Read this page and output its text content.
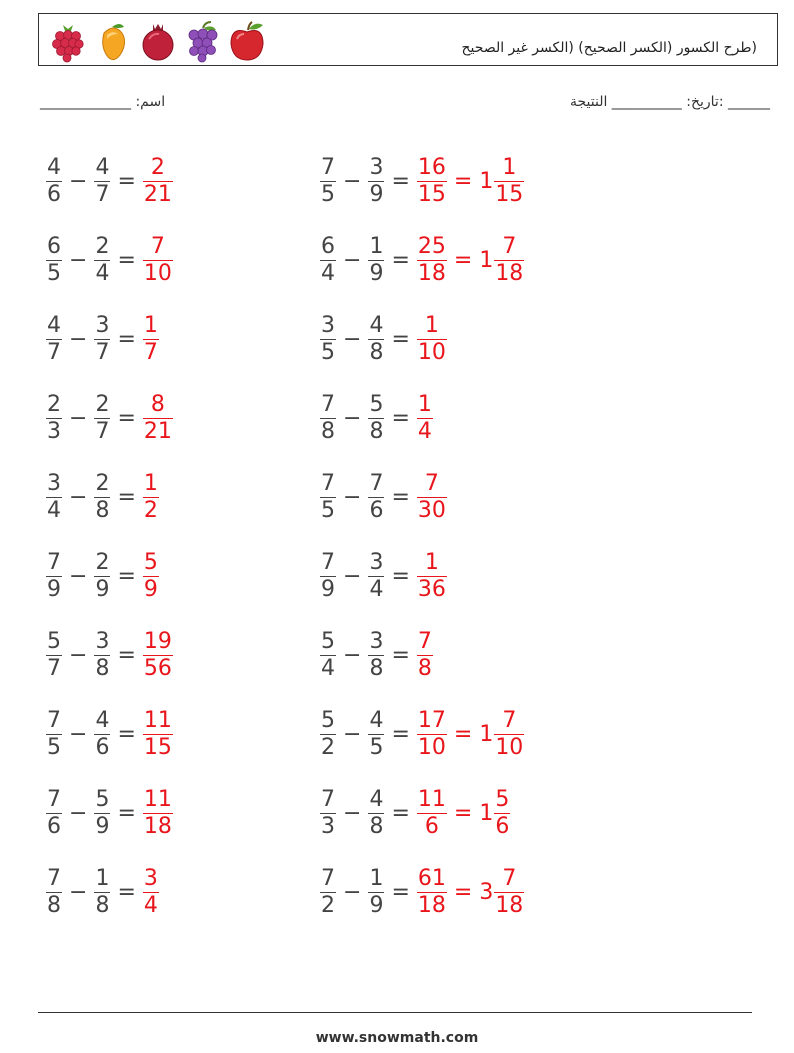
(طرح الكسور (الكسر الصحيح) (الكسر غير الصحيح
اسم: _____________	______ :تاريخ: __________ النتيجة
$\frac{4}{6} - \frac{4}{7} = \frac{2}{21}$
$\frac{6}{5} - \frac{2}{4} = \frac{7}{10}$
$\frac{4}{7} - \frac{3}{7} = \frac{1}{7}$
$\frac{2}{3} - \frac{2}{7} = \frac{8}{21}$
$\frac{3}{4} - \frac{2}{8} = \frac{1}{2}$
$\frac{7}{9} - \frac{2}{9} = \frac{5}{9}$
$\frac{5}{7} - \frac{3}{8} = \frac{19}{56}$
$\frac{7}{5} - \frac{4}{6} = \frac{11}{15}$
$\frac{7}{6} - \frac{5}{9} = \frac{11}{18}$
$\frac{7}{8} - \frac{1}{8} = \frac{3}{4}$
$\frac{7}{5} - \frac{3}{9} = \frac{16}{15} = 1 \frac{1}{15}$
$\frac{6}{4} - \frac{1}{9} = \frac{25}{18} = 1 \frac{7}{18}$
$\frac{3}{5} - \frac{4}{8} = \frac{1}{10}$
$\frac{7}{8} - \frac{5}{8} = \frac{1}{4}$
$\frac{7}{5} - \frac{7}{6} = \frac{7}{30}$
$\frac{7}{9} - \frac{3}{4} = \frac{1}{36}$
$\frac{5}{4} - \frac{3}{8} = \frac{7}{8}$
$\frac{5}{2} - \frac{4}{5} = \frac{17}{10} = 1 \frac{7}{10}$
$\frac{7}{3} - \frac{4}{8} = \frac{11}{6} = 1 \frac{5}{6}$
$\frac{7}{2} - \frac{1}{9} = \frac{61}{18} = 3 \frac{7}{18}$
www.snowmath.com
